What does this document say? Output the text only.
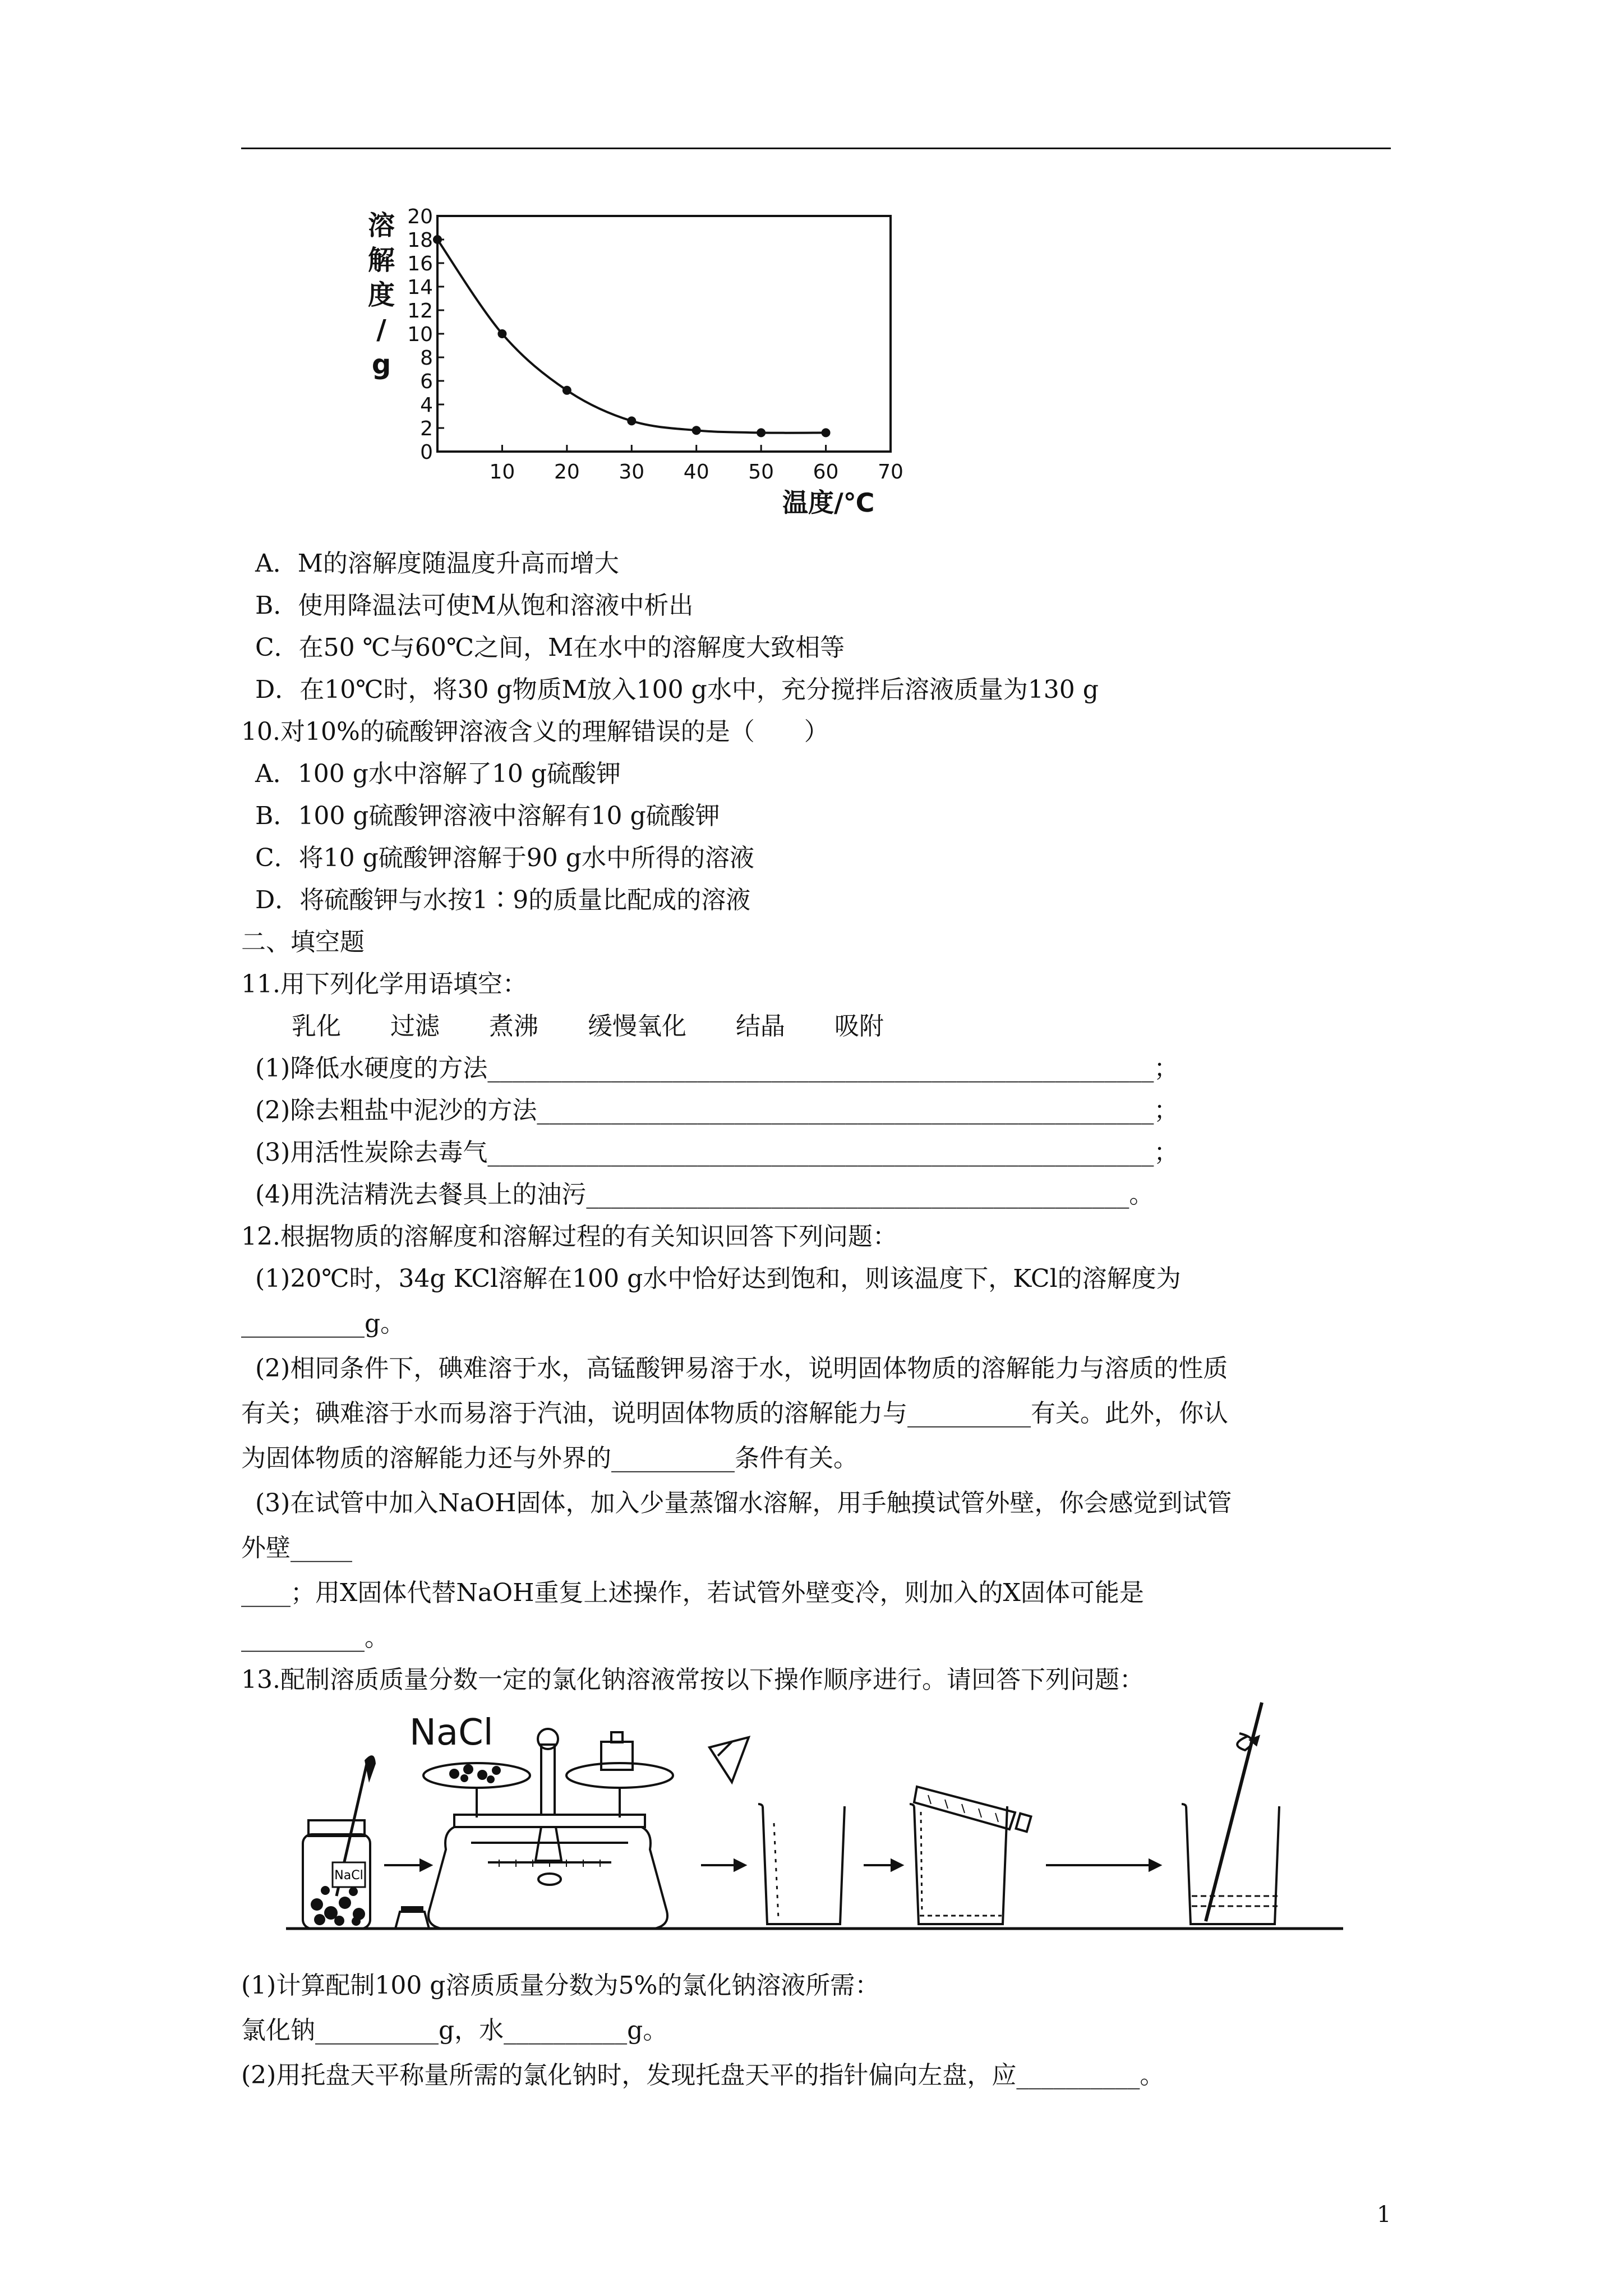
0
2
4
6
8
10
12
14
16
18
20
10 20 30 40 50 60 70
溶
解
度
/
g
温度/℃
A．M的溶解度随温度升高而增大
B．使用降温法可使M从饱和溶液中析出
C．在50 ℃与60℃之间，M在水中的溶解度大致相等
D．在10℃时，将30 g物质M放入100 g水中，充分搅拌后溶液质量为130 g
10.对10%的硫酸钾溶液含义的理解错误的是（　　）
A．100 g水中溶解了10 g硫酸钾
B．100 g硫酸钾溶液中溶解有10 g硫酸钾
C．将10 g硫酸钾溶解于90 g水中所得的溶液
D．将硫酸钾与水按1∶9的质量比配成的溶液
二、填空题
11.用下列化学用语填空：
乳化　　过滤　　煮沸　　缓慢氧化　　结晶　　吸附
(1)降低水硬度的方法______________________________________________________；
(2)除去粗盐中泥沙的方法__________________________________________________；
(3)用活性炭除去毒气______________________________________________________；
(4)用洗洁精洗去餐具上的油污____________________________________________。
12.根据物质的溶解度和溶解过程的有关知识回答下列问题：
(1)20℃时，34g KCl溶解在100 g水中恰好达到饱和，则该温度下，KCl的溶解度为
__________g。
(2)相同条件下，碘难溶于水，高锰酸钾易溶于水，说明固体物质的溶解能力与溶质的性质
有关；碘难溶于水而易溶于汽油，说明固体物质的溶解能力与__________有关。此外，你认
为固体物质的溶解能力还与外界的__________条件有关。
(3)在试管中加入NaOH固体，加入少量蒸馏水溶解，用手触摸试管外壁，你会感觉到试管
外壁_____
____；用X固体代替NaOH重复上述操作，若试管外壁变冷，则加入的X固体可能是
__________。
13.配制溶质质量分数一定的氯化钠溶液常按以下操作顺序进行。请回答下列问题：
NaCl
NaCl
(1)计算配制100 g溶质质量分数为5%的氯化钠溶液所需：
氯化钠__________g，水__________g。
(2)用托盘天平称量所需的氯化钠时，发现托盘天平的指针偏向左盘，应__________。
1
